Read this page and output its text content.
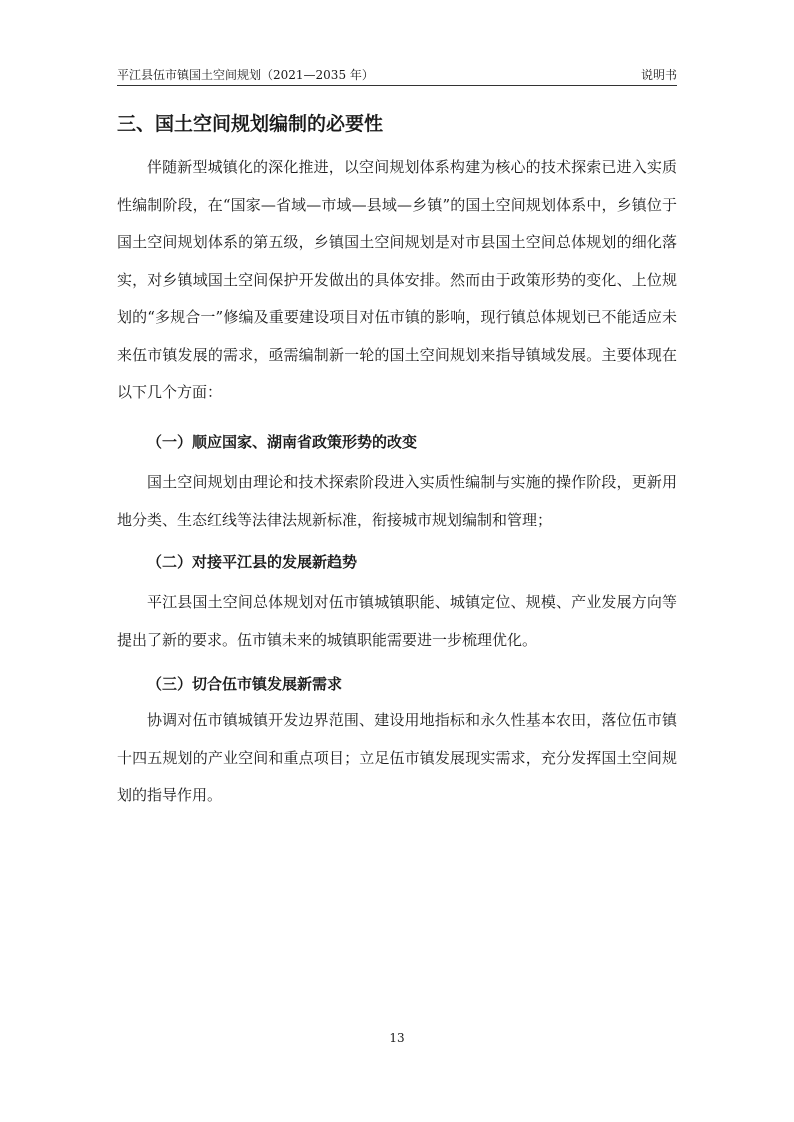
平江县伍市镇国土空间规划（2021—2035 年）	说明书
三、国土空间规划编制的必要性

伴随新型城镇化的深化推进，以空间规划体系构建为核心的技术探索已进入实质性编制阶段，在“国家—省域—市域—县域—乡镇”的国土空间规划体系中，乡镇位于国土空间规划体系的第五级，乡镇国土空间规划是对市县国土空间总体规划的细化落实，对乡镇域国土空间保护开发做出的具体安排。然而由于政策形势的变化、上位规划的“多规合一”修编及重要建设项目对伍市镇的影响，现行镇总体规划已不能适应未来伍市镇发展的需求，亟需编制新一轮的国土空间规划来指导镇域发展。主要体现在以下几个方面：

（一）顺应国家、湖南省政策形势的改变

国土空间规划由理论和技术探索阶段进入实质性编制与实施的操作阶段，更新用地分类、生态红线等法律法规新标准，衔接城市规划编制和管理；

（二）对接平江县的发展新趋势

平江县国土空间总体规划对伍市镇城镇职能、城镇定位、规模、产业发展方向等提出了新的要求。伍市镇未来的城镇职能需要进一步梳理优化。

（三）切合伍市镇发展新需求

协调对伍市镇城镇开发边界范围、建设用地指标和永久性基本农田，落位伍市镇十四五规划的产业空间和重点项目；立足伍市镇发展现实需求，充分发挥国土空间规划的指导作用。

13
